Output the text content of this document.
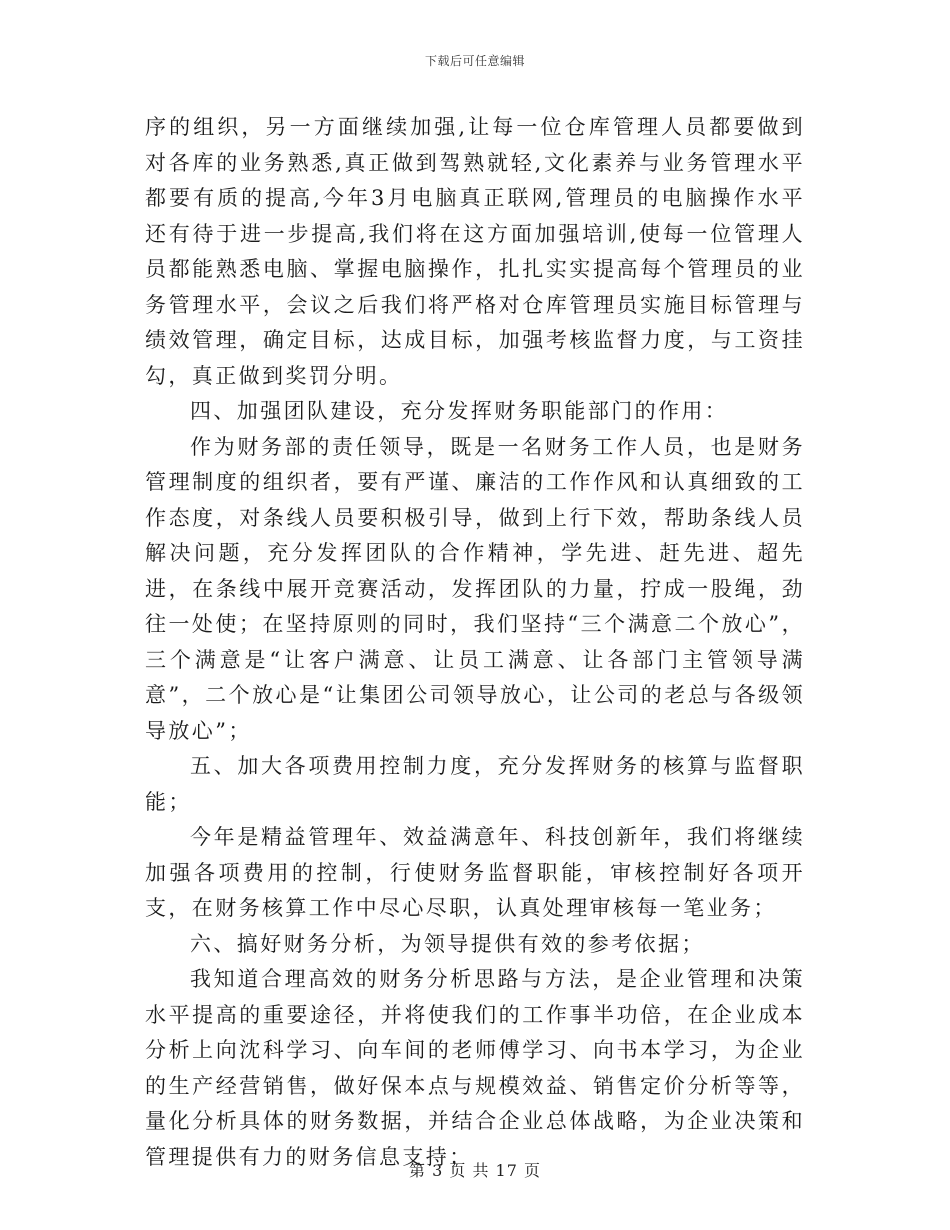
下载后可任意编辑

序的组织，另一方面继续加强,让每一位仓库管理人员都要做到对各库的业务熟悉,真正做到驾熟就轻,文化素养与业务管理水平都要有质的提高,今年3月电脑真正联网,管理员的电脑操作水平还有待于进一步提高,我们将在这方面加强培训,使每一位管理人员都能熟悉电脑、掌握电脑操作，扎扎实实提高每个管理员的业务管理水平，会议之后我们将严格对仓库管理员实施目标管理与绩效管理，确定目标，达成目标，加强考核监督力度，与工资挂勾，真正做到奖罚分明。

四、加强团队建设，充分发挥财务职能部门的作用：

作为财务部的责任领导，既是一名财务工作人员，也是财务管理制度的组织者，要有严谨、廉洁的工作作风和认真细致的工作态度，对条线人员要积极引导，做到上行下效，帮助条线人员解决问题，充分发挥团队的合作精神，学先进、赶先进、超先进，在条线中展开竞赛活动，发挥团队的力量，拧成一股绳，劲往一处使；在坚持原则的同时，我们坚持“三个满意二个放心”，三个满意是“让客户满意、让员工满意、让各部门主管领导满意”，二个放心是“让集团公司领导放心，让公司的老总与各级领导放心”；

五、加大各项费用控制力度，充分发挥财务的核算与监督职能；

今年是精益管理年、效益满意年、科技创新年，我们将继续加强各项费用的控制，行使财务监督职能，审核控制好各项开支，在财务核算工作中尽心尽职，认真处理审核每一笔业务；

六、搞好财务分析，为领导提供有效的参考依据；

我知道合理高效的财务分析思路与方法，是企业管理和决策水平提高的重要途径，并将使我们的工作事半功倍，在企业成本分析上向沈科学习、向车间的老师傅学习、向书本学习，为企业的生产经营销售，做好保本点与规模效益、销售定价分析等等，量化分析具体的财务数据，并结合企业总体战略，为企业决策和管理提供有力的财务信息支持；

第 3 页 共 17 页
